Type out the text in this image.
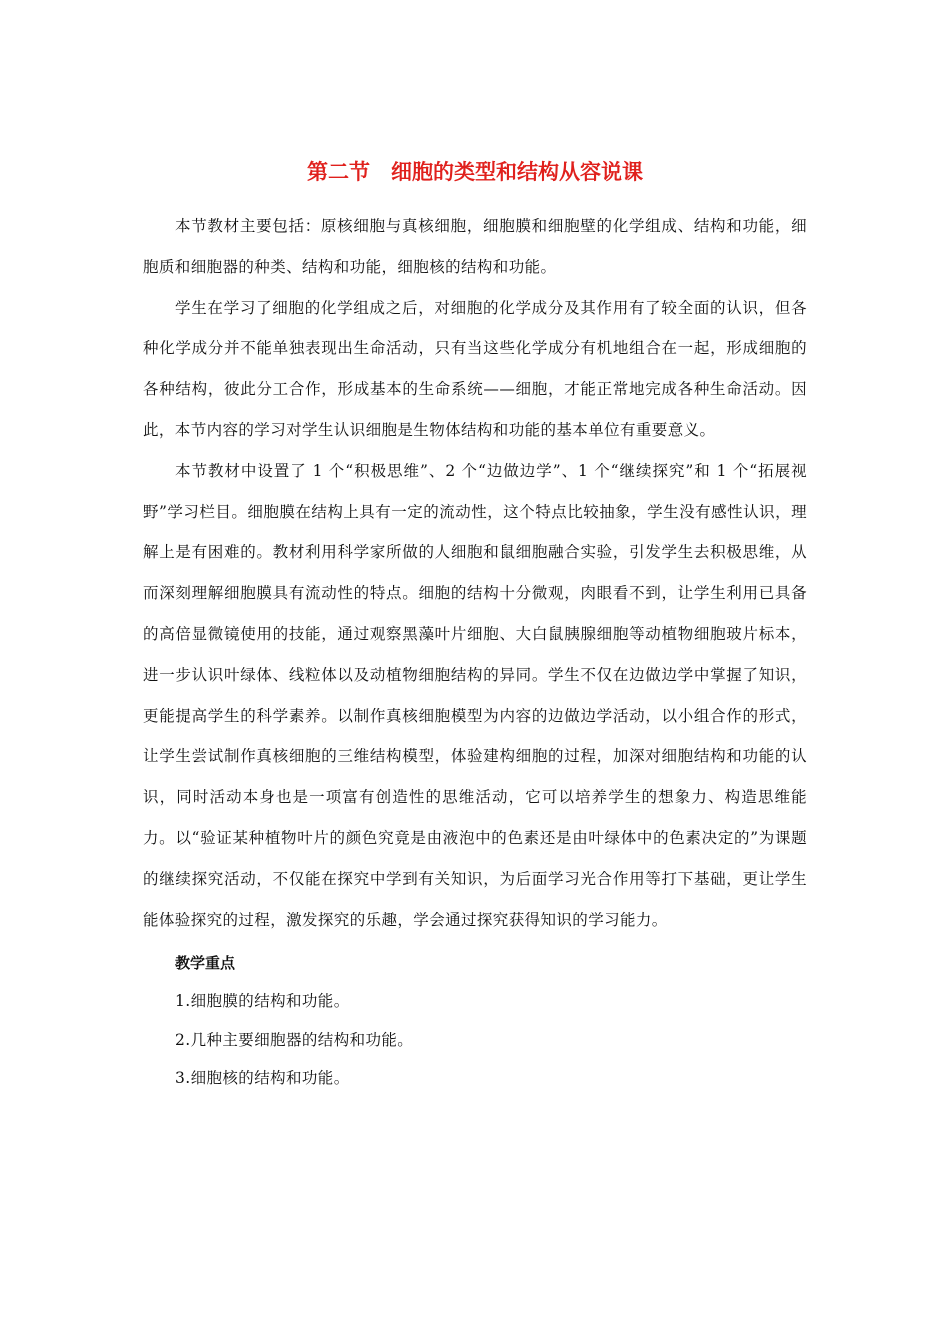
第二节　细胞的类型和结构从容说课

本节教材主要包括：原核细胞与真核细胞，细胞膜和细胞壁的化学组成、结构和功能，细胞质和细胞器的种类、结构和功能，细胞核的结构和功能。

学生在学习了细胞的化学组成之后，对细胞的化学成分及其作用有了较全面的认识，但各种化学成分并不能单独表现出生命活动，只有当这些化学成分有机地组合在一起，形成细胞的各种结构，彼此分工合作，形成基本的生命系统——细胞，才能正常地完成各种生命活动。因此，本节内容的学习对学生认识细胞是生物体结构和功能的基本单位有重要意义。

本节教材中设置了 1 个“积极思维”、2 个“边做边学”、1 个“继续探究”和 1 个“拓展视野”学习栏目。细胞膜在结构上具有一定的流动性，这个特点比较抽象，学生没有感性认识，理解上是有困难的。教材利用科学家所做的人细胞和鼠细胞融合实验，引发学生去积极思维，从而深刻理解细胞膜具有流动性的特点。细胞的结构十分微观，肉眼看不到，让学生利用已具备的高倍显微镜使用的技能，通过观察黑藻叶片细胞、大白鼠胰腺细胞等动植物细胞玻片标本，进一步认识叶绿体、线粒体以及动植物细胞结构的异同。学生不仅在边做边学中掌握了知识，更能提高学生的科学素养。以制作真核细胞模型为内容的边做边学活动，以小组合作的形式，让学生尝试制作真核细胞的三维结构模型，体验建构细胞的过程，加深对细胞结构和功能的认识，同时活动本身也是一项富有创造性的思维活动，它可以培养学生的想象力、构造思维能力。以“验证某种植物叶片的颜色究竟是由液泡中的色素还是由叶绿体中的色素决定的”为课题的继续探究活动，不仅能在探究中学到有关知识，为后面学习光合作用等打下基础，更让学生能体验探究的过程，激发探究的乐趣，学会通过探究获得知识的学习能力。

教学重点

1.细胞膜的结构和功能。

2.几种主要细胞器的结构和功能。

3.细胞核的结构和功能。
